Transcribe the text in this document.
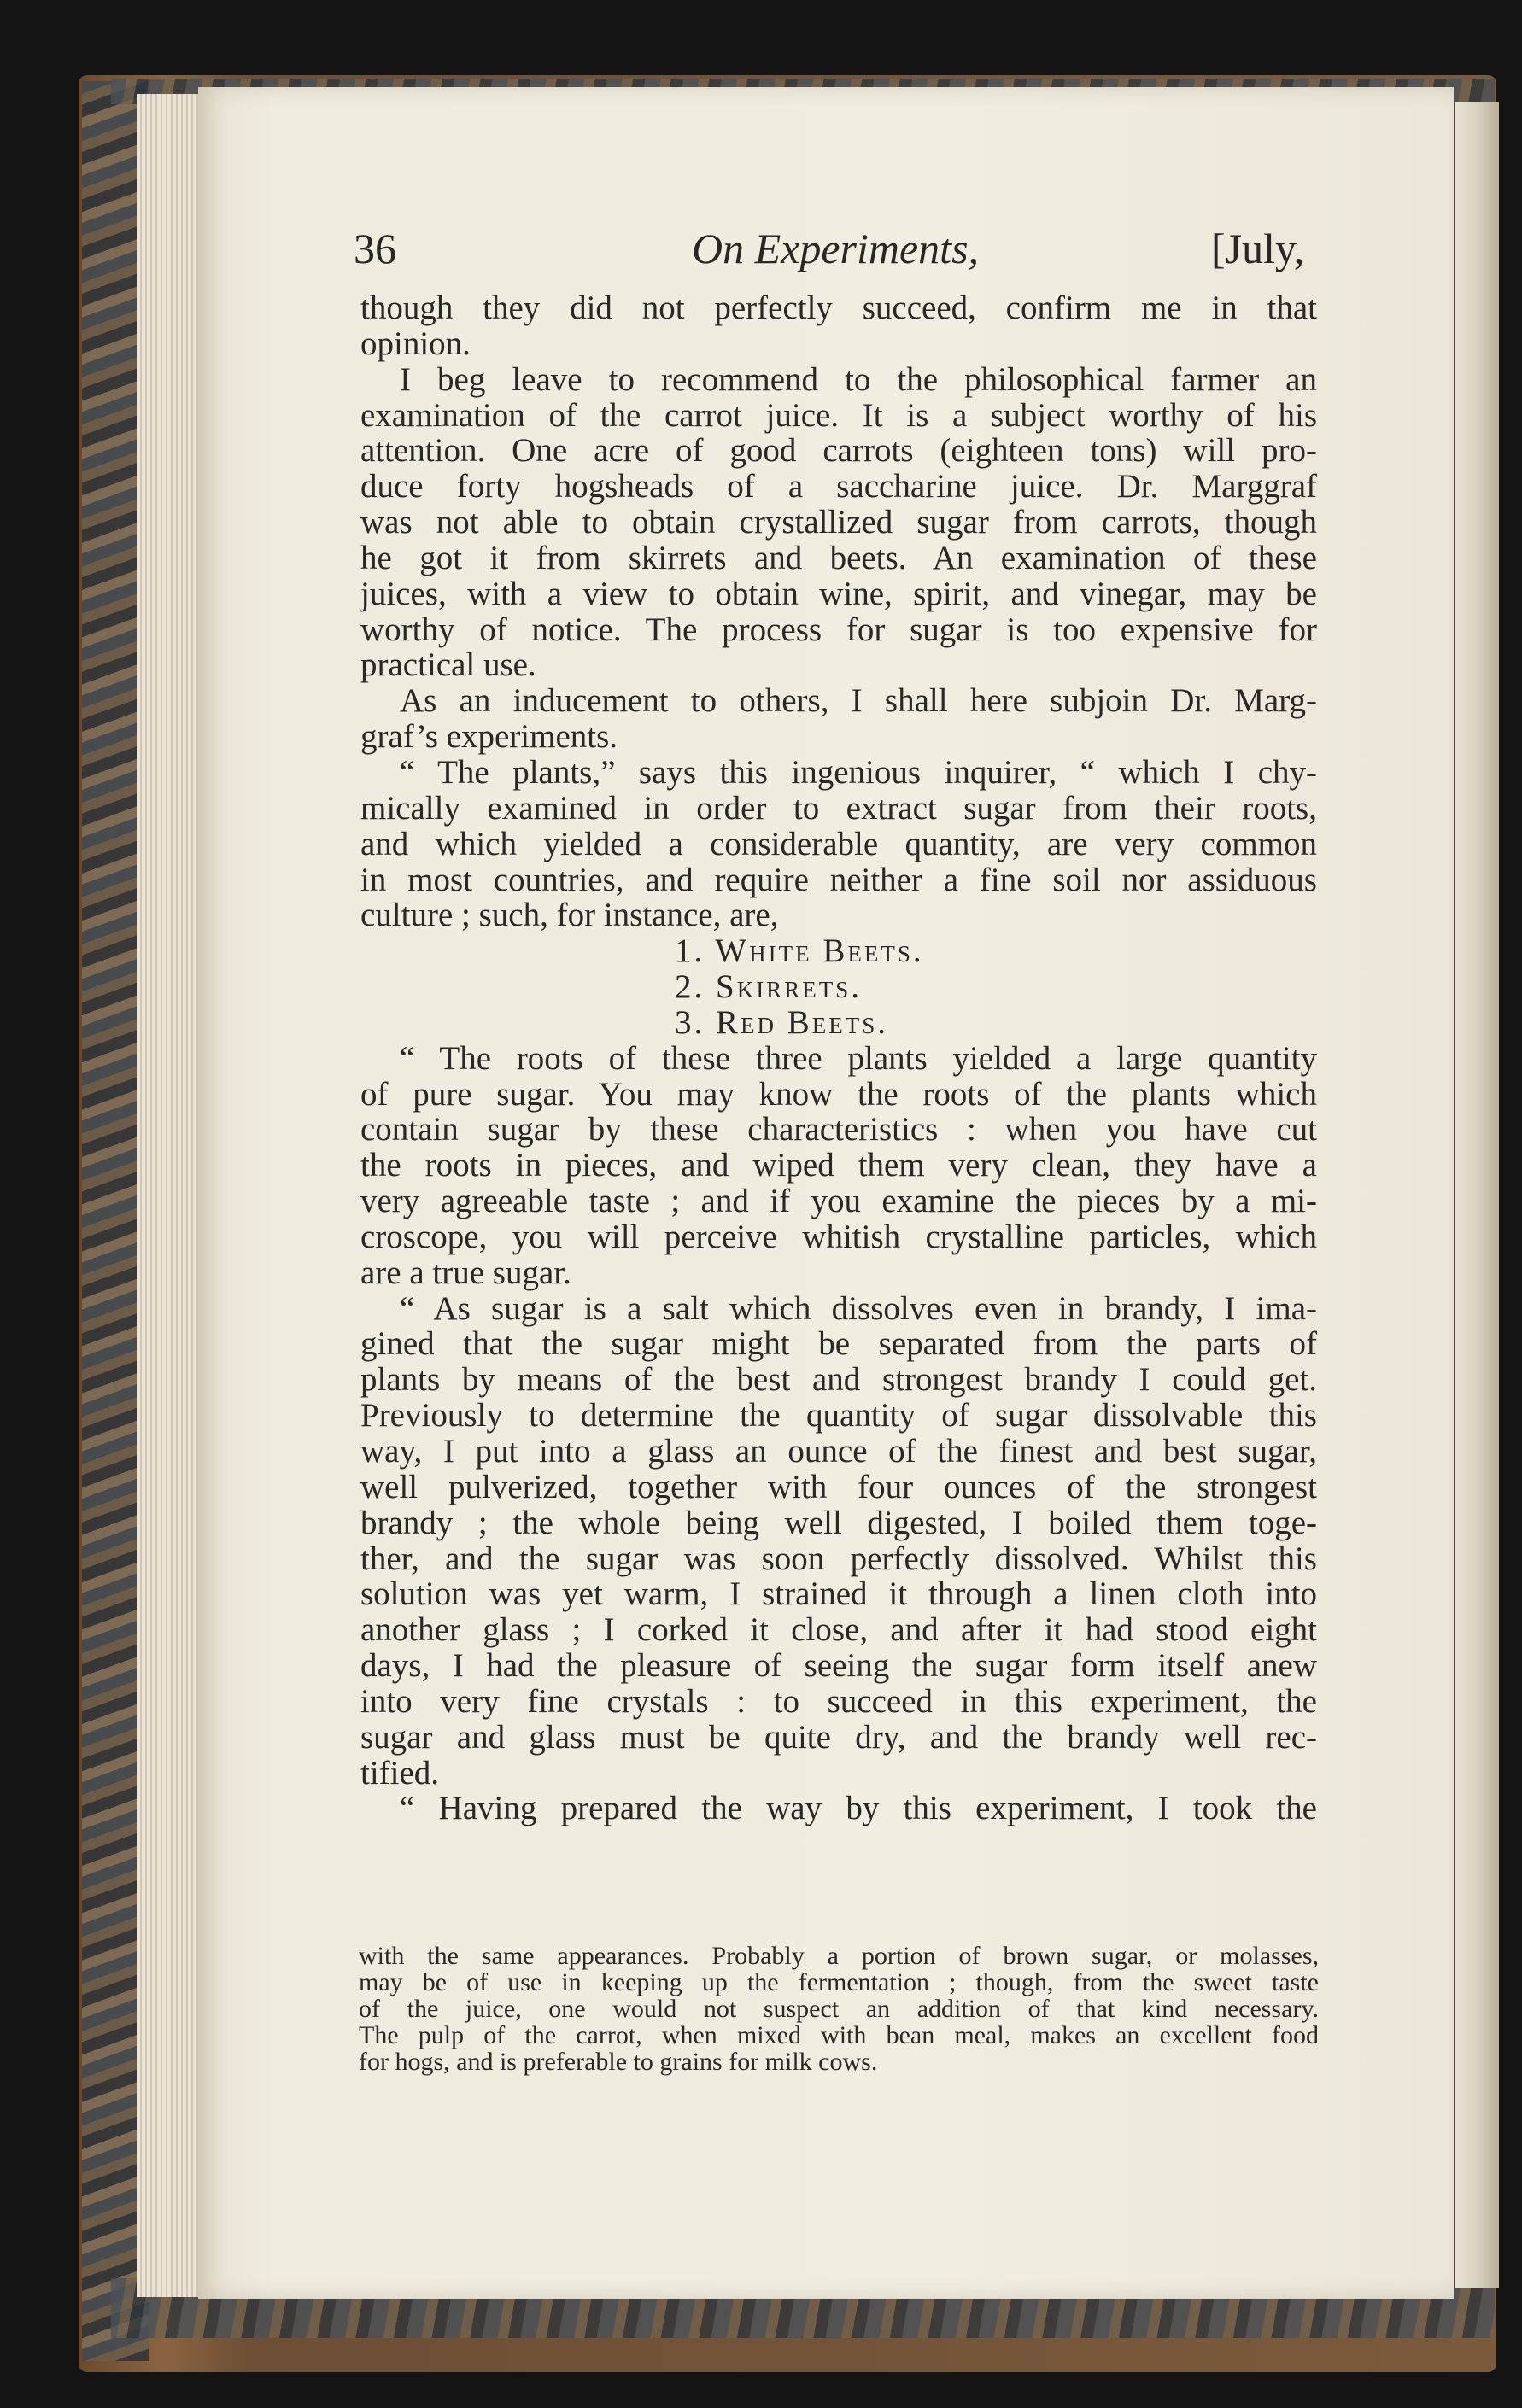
36	On Experiments,	[July,
though they did not perfectly succeed, confirm me in that
opinion.
I beg leave to recommend to the philosophical farmer an
examination of the carrot juice. It is a subject worthy of his
attention. One acre of good carrots (eighteen tons) will pro-
duce forty hogsheads of a saccharine juice. Dr. Marggraf
was not able to obtain crystallized sugar from carrots, though
he got it from skirrets and beets. An examination of these
juices, with a view to obtain wine, spirit, and vinegar, may be
worthy of notice. The process for sugar is too expensive for
practical use.
As an inducement to others, I shall here subjoin Dr. Marg-
graf’s experiments.
“ The plants,” says this ingenious inquirer, “ which I chy-
mically examined in order to extract sugar from their roots,
and which yielded a considerable quantity, are very common
in most countries, and require neither a fine soil nor assiduous
culture ; such, for instance, are,
1. White Beets.
2. Skirrets.
3. Red Beets.
“ The roots of these three plants yielded a large quantity
of pure sugar. You may know the roots of the plants which
contain sugar by these characteristics : when you have cut
the roots in pieces, and wiped them very clean, they have a
very agreeable taste ; and if you examine the pieces by a mi-
croscope, you will perceive whitish crystalline particles, which
are a true sugar.
“ As sugar is a salt which dissolves even in brandy, I ima-
gined that the sugar might be separated from the parts of
plants by means of the best and strongest brandy I could get.
Previously to determine the quantity of sugar dissolvable this
way, I put into a glass an ounce of the finest and best sugar,
well pulverized, together with four ounces of the strongest
brandy ; the whole being well digested, I boiled them toge-
ther, and the sugar was soon perfectly dissolved. Whilst this
solution was yet warm, I strained it through a linen cloth into
another glass ; I corked it close, and after it had stood eight
days, I had the pleasure of seeing the sugar form itself anew
into very fine crystals : to succeed in this experiment, the
sugar and glass must be quite dry, and the brandy well rec-
tified.
“ Having prepared the way by this experiment, I took the
with the same appearances. Probably a portion of brown sugar, or molasses,
may be of use in keeping up the fermentation ; though, from the sweet taste
of the juice, one would not suspect an addition of that kind necessary.
The pulp of the carrot, when mixed with bean meal, makes an excellent food
for hogs, and is preferable to grains for milk cows.
